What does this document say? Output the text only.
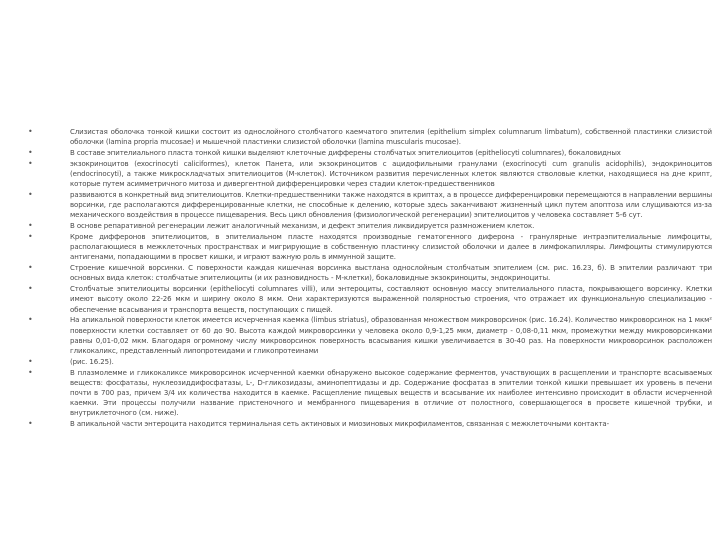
•	Слизистая оболочка тонкой кишки состоит из однослойного столбчатого каемчатого эпителия (epithelium simplex columnarum limbatum), собственной пластинки слизистой оболочки (lamina propria mucosae) и мышечной пластинки слизистой оболочки (lamina muscularis mucosae).
•	В составе эпителиального пласта тонкой кишки выделяют клеточные дифферены столбчатых эпителиоцитов (epitheliocyti columnares), бокаловидных
•	экзокриноцитов (exocrinocyti caliciformes), клеток Панета, или экзокриноцитов с ацидофильными гранулами (exocrinocyti cum granulis acidophilis), эндокриноцитов (endocrinocyti), а также микроскладчатых эпителиоцитов (М-клеток). Источником развития перечисленных клеток являются стволовые клетки, находящиеся на дне крипт, которые путем асимметричного митоза и дивергентной дифференцировки через стадии клеток-предшественников
•	развиваются в конкретный вид эпителиоцитов. Клетки-предшественники также находятся в криптах, а в процессе дифференцировки перемещаются в направлении вершины ворсинки, где располагаются дифференцированные клетки, не способные к делению, которые здесь заканчивают жизненный цикл путем апоптоза или слущиваются из-за механического воздействия в процессе пищеварения. Весь цикл обновления (физиологической регенерации) эпителиоцитов у человека составляет 5-6 сут.
•	В основе репаративной регенерации лежит аналогичный механизм, и дефект эпителия ликвидируется размножением клеток.
•	Кроме дифферонов эпителиоцитов, в эпителиальном пласте находятся производные гематогенного диферона - гранулярные интраэпителиальные лимфоциты, располагающиеся в межклеточных пространствах и мигрирующие в собственную пластинку слизистой оболочки и далее в лимфокапилляры. Лимфоциты стимулируются антигенами, попадающими в просвет кишки, и играют важную роль в иммунной защите.
•	Строение кишечной ворсинки. С поверхности каждая кишечная ворсинка выстлана однослойным столбчатым эпителием (см. рис. 16.23, б). В эпителии различают три основных вида клеток: столбчатые эпителиоциты (и их разновидность - М-клетки), бокаловидные экзокриноциты, эндокриноциты.
•	Столбчатые эпителиоциты ворсинки (epitheliocyti columnares villi), или энтероциты, составляют основную массу эпителиального пласта, покрывающего ворсинку. Клетки имеют высоту около 22-26 мкм и ширину около 8 мкм. Они характеризуются выраженной полярностью строения, что отражает их функциональную специализацию - обеспечение всасывания и транспорта веществ, поступающих с пищей.
•	На апикальной поверхности клеток имеется исчерченная каемка (limbus striatus), образованная множеством микроворсинок (рис. 16.24). Количество микроворсинок на 1 мкм² поверхности клетки составляет от 60 до 90. Высота каждой микроворсинки у человека около 0,9-1,25 мкм, диаметр - 0,08-0,11 мкм, промежутки между микроворсинками равны 0,01-0,02 мкм. Благодаря огромному числу микроворсинок поверхность всасывания кишки увеличивается в 30-40 раз. На поверхности микроворсинок расположен гликокаликс, представленный липопротеидами и гликопротеинами
•	(рис. 16.25).
•	В плазмолемме и гликокаликсе микроворсинок исчерченной каемки обнаружено высокое содержание ферментов, участвующих в расщеплении и транспорте всасываемых веществ: фосфатазы, нуклеозиддифосфатазы, L-, D-гликозидазы, аминопептидазы и др. Содержание фосфатаз в эпителии тонкой кишки превышает их уровень в печени почти в 700 раз, причем 3/4 их количества находится в каемке. Расщепление пищевых веществ и всасывание их наиболее интенсивно происходит в области исчерченной каемки. Эти процессы получили название пристеночного и мембранного пищеварения в отличие от полостного, совершающегося в просвете кишечной трубки, и внутриклеточного (см. ниже).
•	В апикальной части энтероцита находится терминальная сеть актиновых и миозиновых микрофиламентов, связанная с межклеточными контакта-
